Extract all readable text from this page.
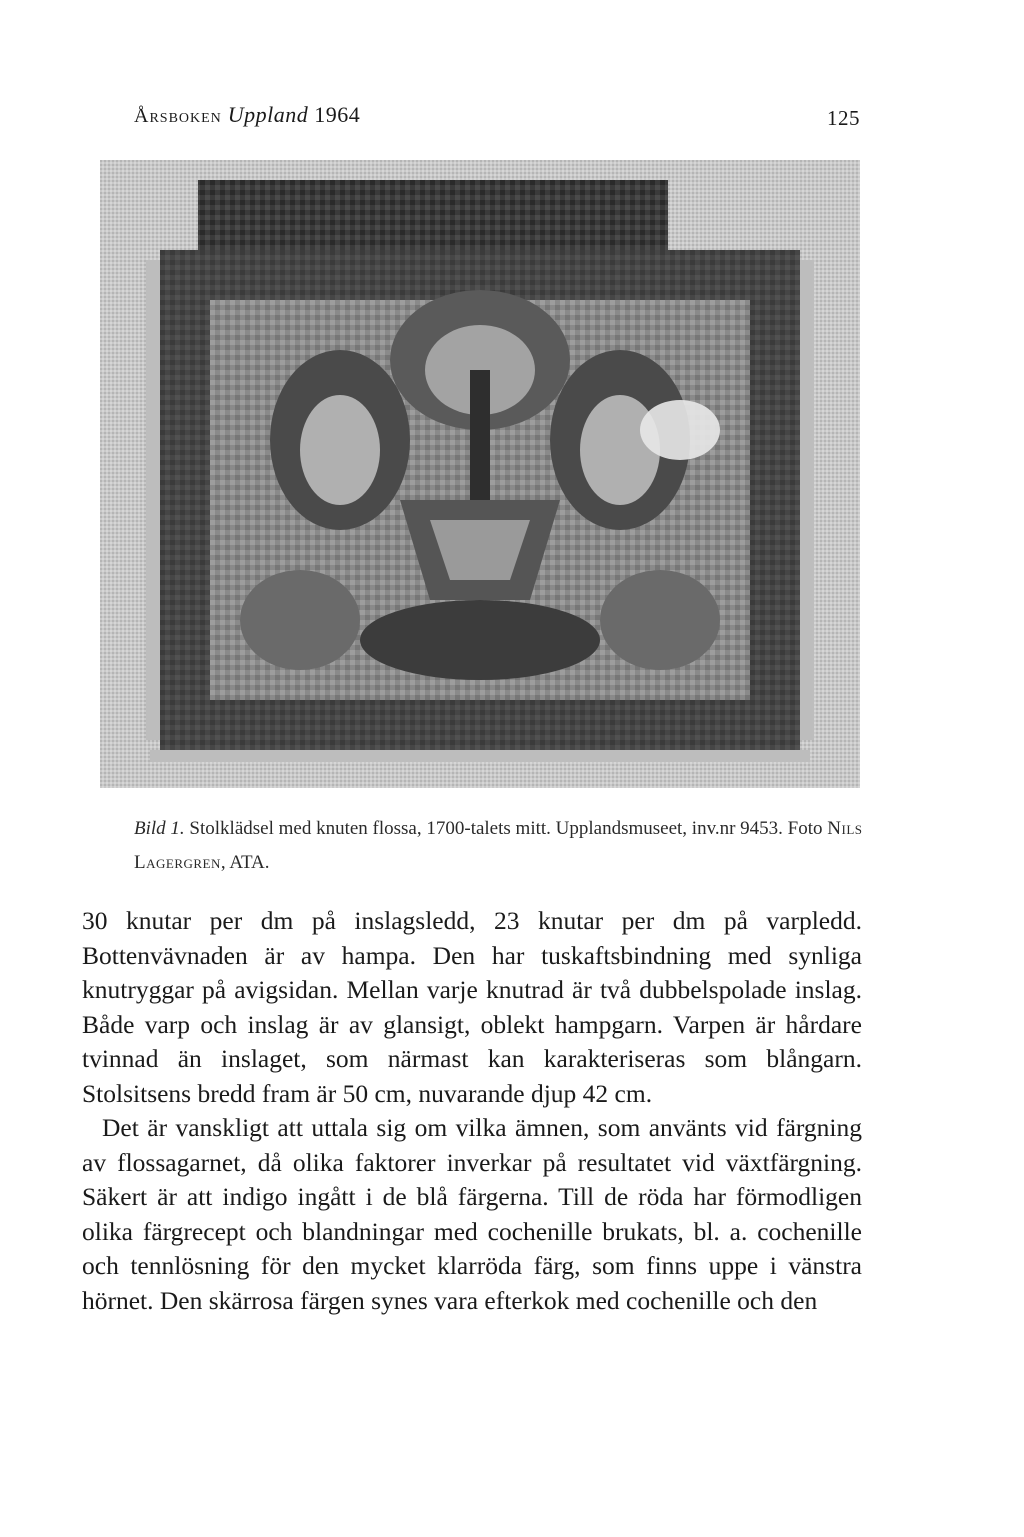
Årsboken Uppland 1964	125
Bild 1. Stolklädsel med knuten flossa, 1700-talets mitt. Upplandsmuseet, inv.nr 9453. Foto Nils Lagergren, ATA.

30 knutar per dm på inslagsledd, 23 knutar per dm på varpledd. Bottenvävnaden är av hampa. Den har tuskaftsbindning med synliga knutryggar på avigsidan. Mellan varje knutrad är två dubbelspolade inslag. Både varp och inslag är av glansigt, oblekt hampgarn. Varpen är hårdare tvinnad än inslaget, som närmast kan karakteriseras som blångarn. Stolsitsens bredd fram är 50 cm, nuvarande djup 42 cm.

Det är vanskligt att uttala sig om vilka ämnen, som använts vid färgning av flossagarnet, då olika faktorer inverkar på resultatet vid växtfärgning. Säkert är att indigo ingått i de blå färgerna. Till de röda har förmodligen olika färgrecept och blandningar med cochenille brukats, bl. a. cochenille och tennlösning för den mycket klarröda färg, som finns uppe i vänstra hörnet. Den skärrosa färgen synes vara efterkok med cochenille och den
